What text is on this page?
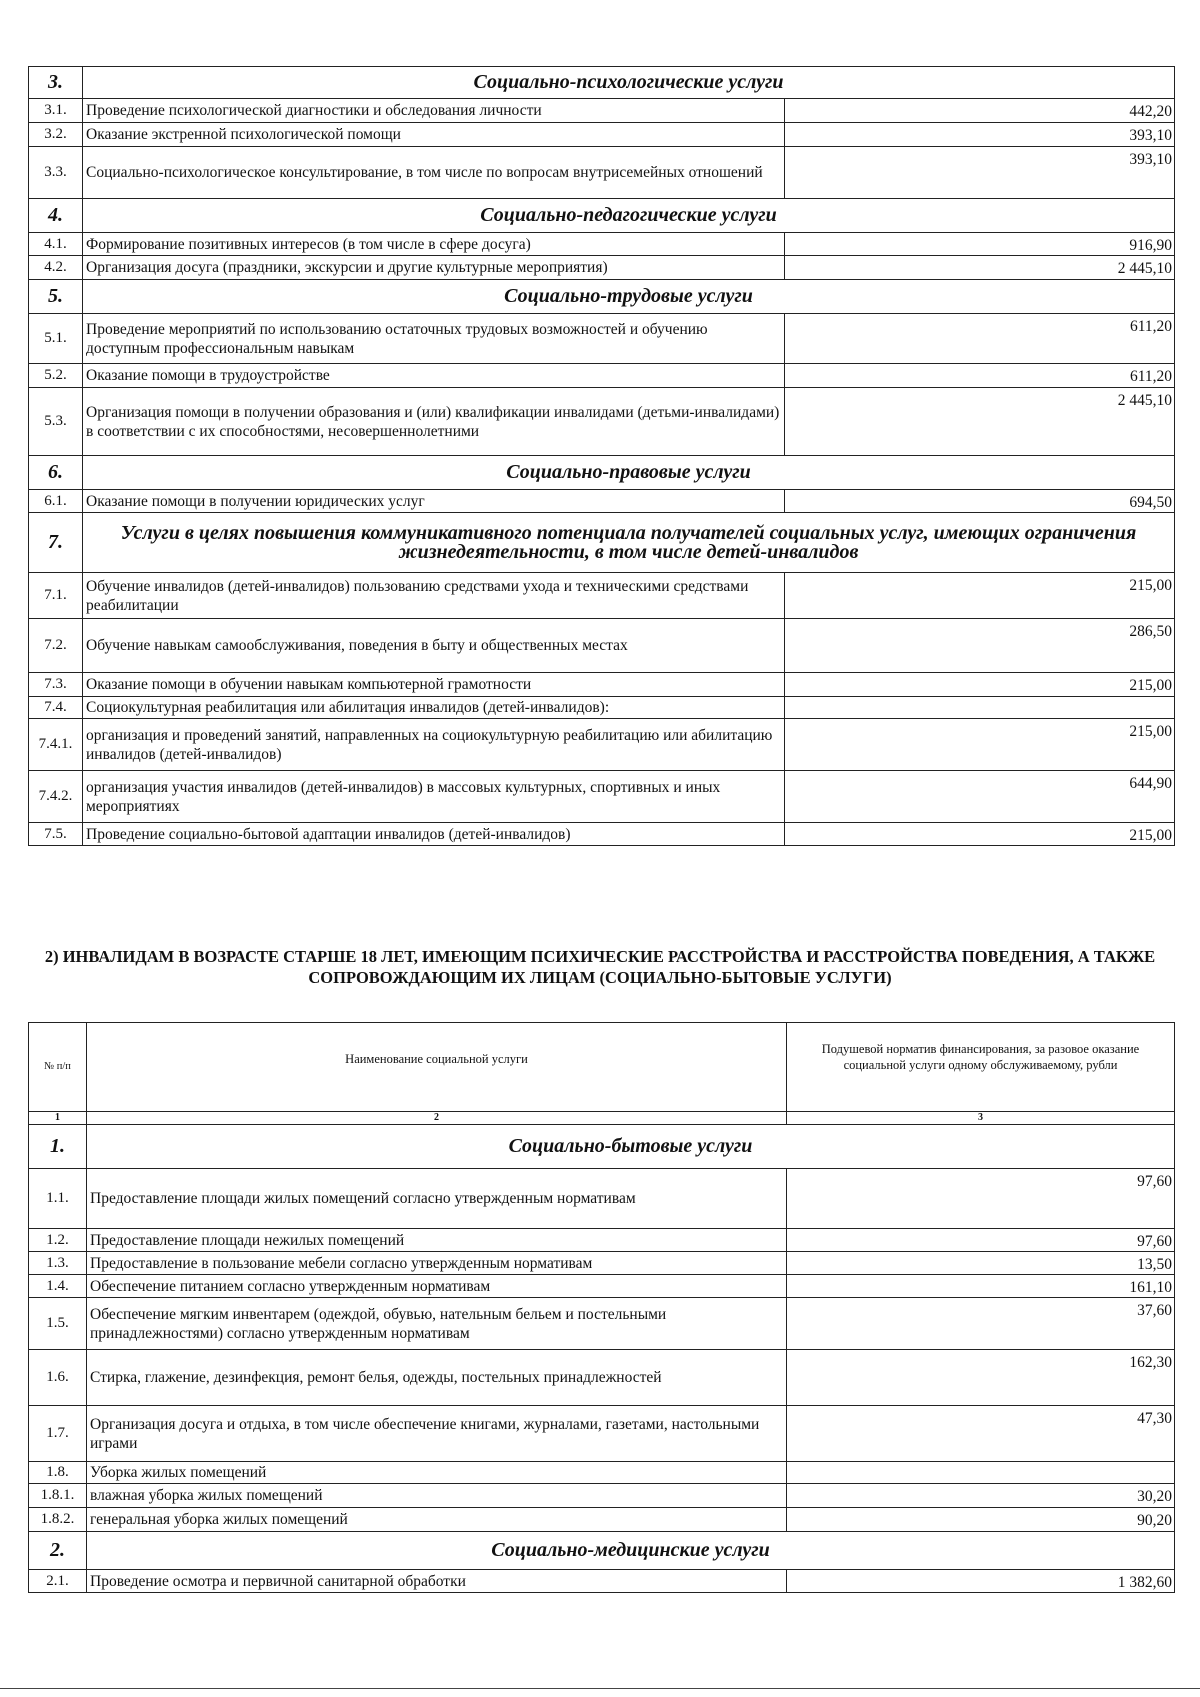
3.	Социально-психологические услуги	
3.1.	Проведение психологической диагностики и обследования личности	442,20
3.2.	Оказание экстренной психологической помощи	393,10
3.3.	Социально-психологическое консультирование, в том числе по вопросам внутрисемейных отношений	393,10
4.	Социально-педагогические услуги	
4.1.	Формирование позитивных интересов (в том числе в сфере досуга)	916,90
4.2.	Организация досуга (праздники, экскурсии и другие культурные мероприятия)	2 445,10
5.	Социально-трудовые услуги	
5.1.	Проведение мероприятий по использованию остаточных трудовых возможностей и обучению доступным профессиональным навыкам	611,20
5.2.	Оказание помощи в трудоустройстве	611,20
5.3.	Организация помощи в получении образования и (или) квалификации инвалидами (детьми-инвалидами) в соответствии с их способностями, несовершеннолетними	2 445,10
6.	Социально-правовые услуги	
6.1.	Оказание помощи в получении юридических услуг	694,50
7.	Услуги в целях повышения коммуникативного потенциала получателей социальных услуг, имеющих ограничения жизнедеятельности, в том числе детей-инвалидов	
7.1.	Обучение инвалидов (детей-инвалидов) пользованию средствами ухода и техническими средствами реабилитации	215,00
7.2.	Обучение навыкам самообслуживания, поведения в быту и общественных местах	286,50
7.3.	Оказание помощи в обучении навыкам компьютерной грамотности	215,00
7.4.	Социокультурная реабилитация или абилитация инвалидов (детей-инвалидов):	
7.4.1.	организация и проведений занятий, направленных на социокультурную реабилитацию или абилитацию инвалидов (детей-инвалидов)	215,00
7.4.2.	организация участия инвалидов (детей-инвалидов) в массовых культурных, спортивных и иных мероприятиях	644,90
7.5.	Проведение социально-бытовой адаптации инвалидов (детей-инвалидов)	215,00
2) ИНВАЛИДАМ В ВОЗРАСТЕ СТАРШЕ 18 ЛЕТ, ИМЕЮЩИМ ПСИХИЧЕСКИЕ РАССТРОЙСТВА И РАССТРОЙСТВА ПОВЕДЕНИЯ, А ТАКЖЕ СОПРОВОЖДАЮЩИМ ИХ ЛИЦАМ (СОЦИАЛЬНО-БЫТОВЫЕ УСЛУГИ)
№ п/п	Наименование социальной услуги	Подушевой норматив финансирования, за разовое оказание социальной услуги одному обслуживаемому, рубли
1	2	3
1.	Социально-бытовые услуги	
1.1.	Предоставление площади жилых помещений согласно утвержденным нормативам	97,60
1.2.	Предоставление площади нежилых помещений	97,60
1.3.	Предоставление в пользование мебели согласно утвержденным нормативам	13,50
1.4.	Обеспечение питанием согласно утвержденным нормативам	161,10
1.5.	Обеспечение мягким инвентарем (одеждой, обувью, нательным бельем и постельными принадлежностями) согласно утвержденным нормативам	37,60
1.6.	Стирка, глажение, дезинфекция, ремонт белья, одежды, постельных принадлежностей	162,30
1.7.	Организация досуга и отдыха, в том числе обеспечение книгами, журналами, газетами, настольными играми	47,30
1.8.	Уборка жилых помещений	
1.8.1.	влажная уборка жилых помещений	30,20
1.8.2.	генеральная уборка жилых помещений	90,20
2.	Социально-медицинские услуги	
2.1.	Проведение осмотра и первичной санитарной обработки	1 382,60
